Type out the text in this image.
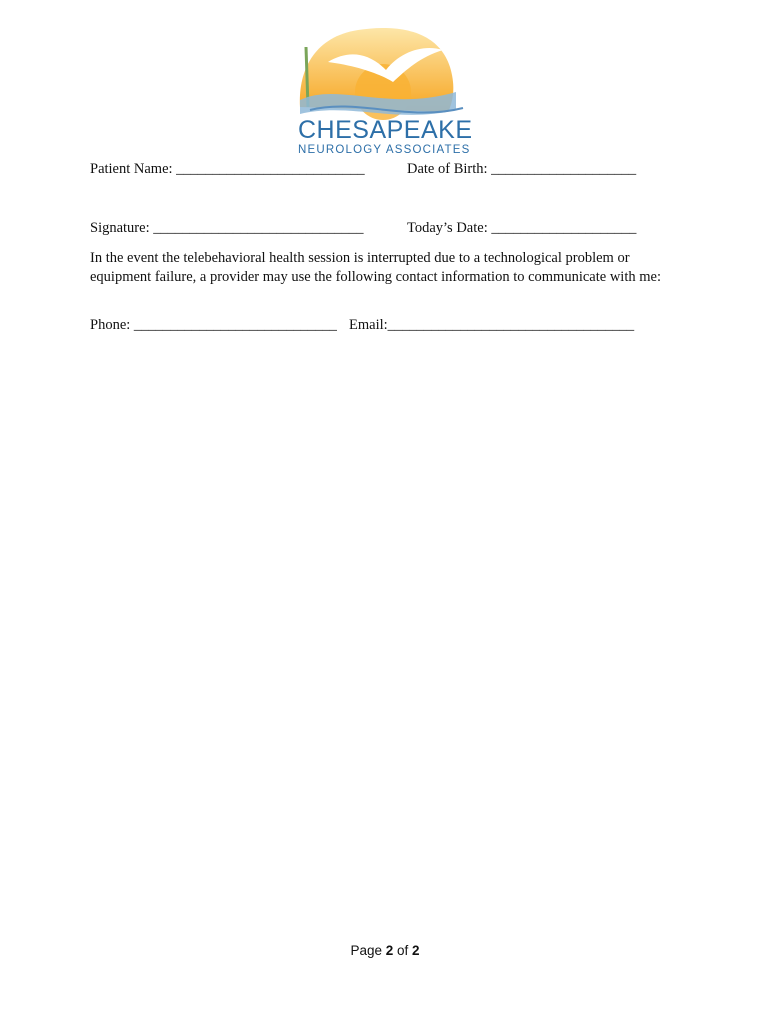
CHESAPEAKE
NEUROLOGY ASSOCIATES
Patient Name: __________________________	Date of Birth: ____________________
Signature: _____________________________	Today’s Date: ____________________
In the event the telebehavioral health session is interrupted due to a technological problem or equipment failure, a provider may use the following contact information to communicate with me:
Phone: ____________________________ Email:__________________________________
Page 2 of 2
